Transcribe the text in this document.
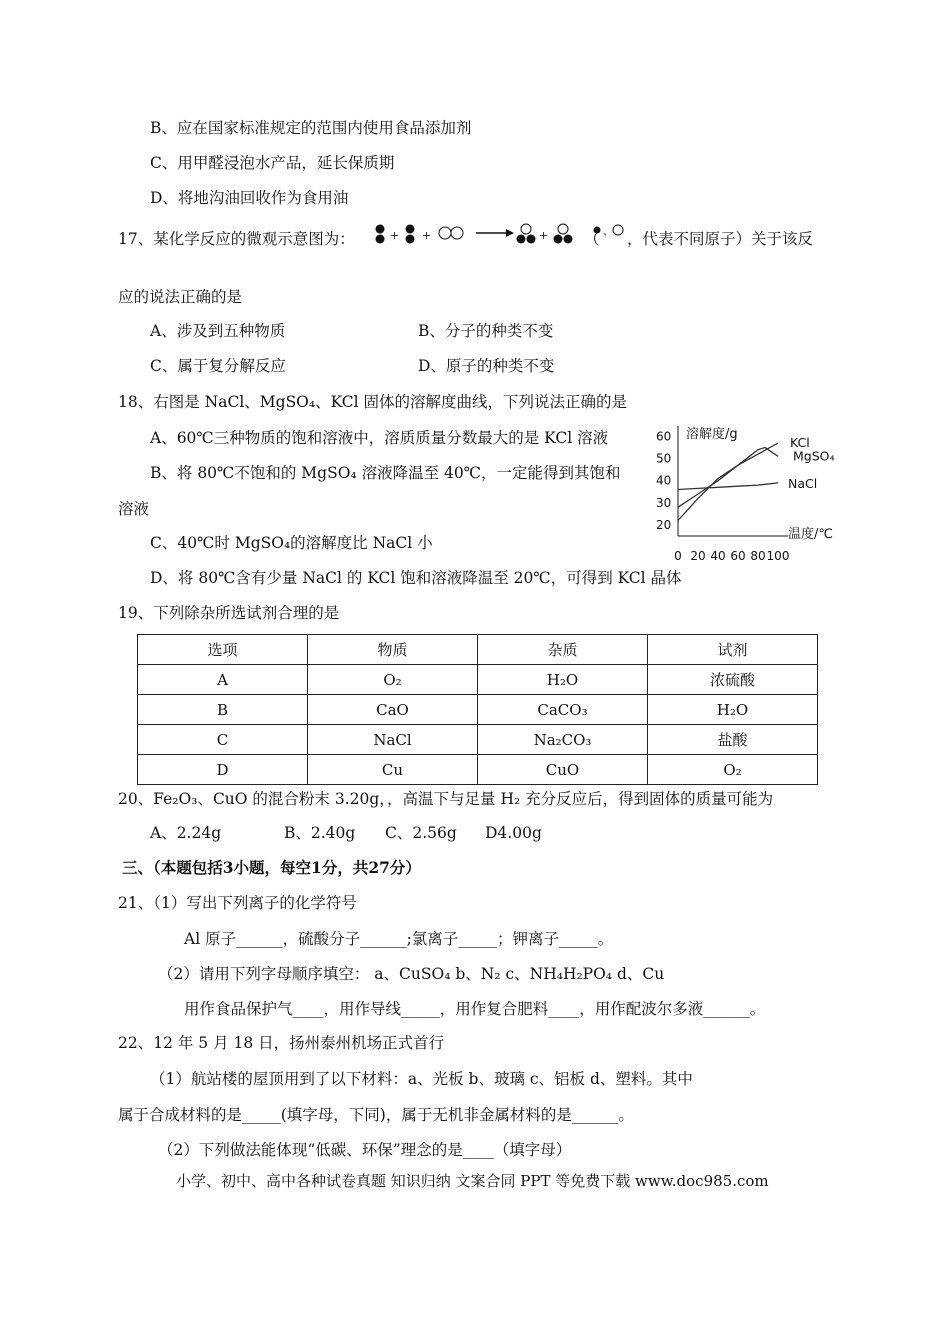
B、应在国家标准规定的范围内使用食品添加剂
C、用甲醛浸泡水产品，延长保质期
D、将地沟油回收作为食用油
17、某化学反应的微观示意图为：	+ +	+	、
（ ，代表不同原子）关于该反
应的说法正确的是
A、涉及到五种物质	B、分子的种类不变
C、属于复分解反应	D、原子的种类不变
18、右图是 NaCl、MgSO₄、KCl 固体的溶解度曲线，下列说法正确的是
A、60℃三种物质的饱和溶液中，溶质质量分数最大的是 KCl 溶液
B、将 80℃不饱和的 MgSO₄ 溶液降温至 40℃，一定能得到其饱和
溶液
C、40℃时 MgSO₄的溶解度比 NaCl 小
D、将 80℃含有少量 NaCl 的 KCl 饱和溶液降温至 20℃，可得到 KCl 晶体
0 20 40 60 80 100
20
30
40
50
60 溶解度/g
温度/℃
KCl
MgSO₄
NaCl
19、下列除杂所选试剂合理的是
选项	物质	杂质	试剂
A	O₂	H₂O	浓硫酸
B	CaO	CaCO₃	H₂O
C	NaCl	Na₂CO₃	盐酸
D	Cu	CuO	O₂
20、Fe₂O₃、CuO 的混合粉末 3.20g，，高温下与足量 H₂ 充分反应后，得到固体的质量可能为
A、2.24g	B、2.40g C、2.56g D4.00g
三、（本题包括3小题，每空1分，共27分）
21、（1）写出下列离子的化学符号
Al 原子______，硫酸分子______;氯离子_____；钾离子_____。
（2）请用下列字母顺序填空： a、CuSO₄ b、N₂ c、NH₄H₂PO₄ d、Cu
用作食品保护气____，用作导线_____，用作复合肥料____，用作配波尔多液______。
22、12 年 5 月 18 日，扬州泰州机场正式首行
（1）航站楼的屋顶用到了以下材料：a、光板 b、玻璃 c、铝板 d、塑料。其中
属于合成材料的是_____(填字母，下同)，属于无机非金属材料的是______。
（2）下列做法能体现“低碳、环保”理念的是____（填字母）
小学、初中、高中各种试卷真题 知识归纳 文案合同 PPT 等免费下载 www.doc985.com
